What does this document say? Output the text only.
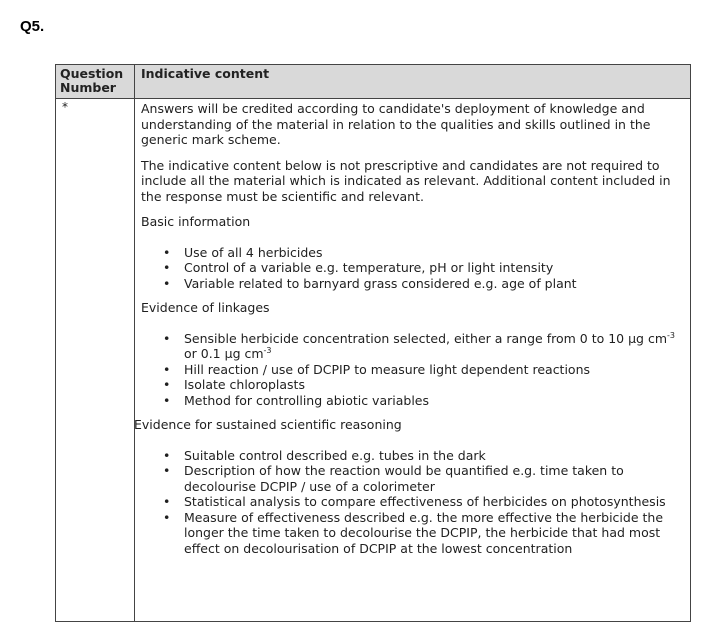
Q5.
Question Number
Indicative content
*	Answers will be credited according to candidate's deployment of knowledge and understanding of the material in relation to the qualities and skills outlined in the generic mark scheme.

The indicative content below is not prescriptive and candidates are not required to include all the material which is indicated as relevant. Additional content included in the response must be scientific and relevant.

Basic information
• Use of all 4 herbicides
• Control of a variable e.g. temperature, pH or light intensity
• Variable related to barnyard grass considered e.g. age of plant
Evidence of linkages
• Sensible herbicide concentration selected, either a range from 0 to 10 µg $cm^{-3}$ or 0.1 µg $cm^{-3}$
• Hill reaction / use of DCPIP to measure light dependent reactions
• Isolate chloroplasts
• Method for controlling abiotic variables
Evidence for sustained scientific reasoning
• Suitable control described e.g. tubes in the dark
• Description of how the reaction would be quantified e.g. time taken to decolourise DCPIP / use of a colorimeter
• Statistical analysis to compare effectiveness of herbicides on photosynthesis
• Measure of effectiveness described e.g. the more effective the herbicide the longer the time taken to decolourise the DCPIP, the herbicide that had most effect on decolourisation of DCPIP at the lowest concentration
